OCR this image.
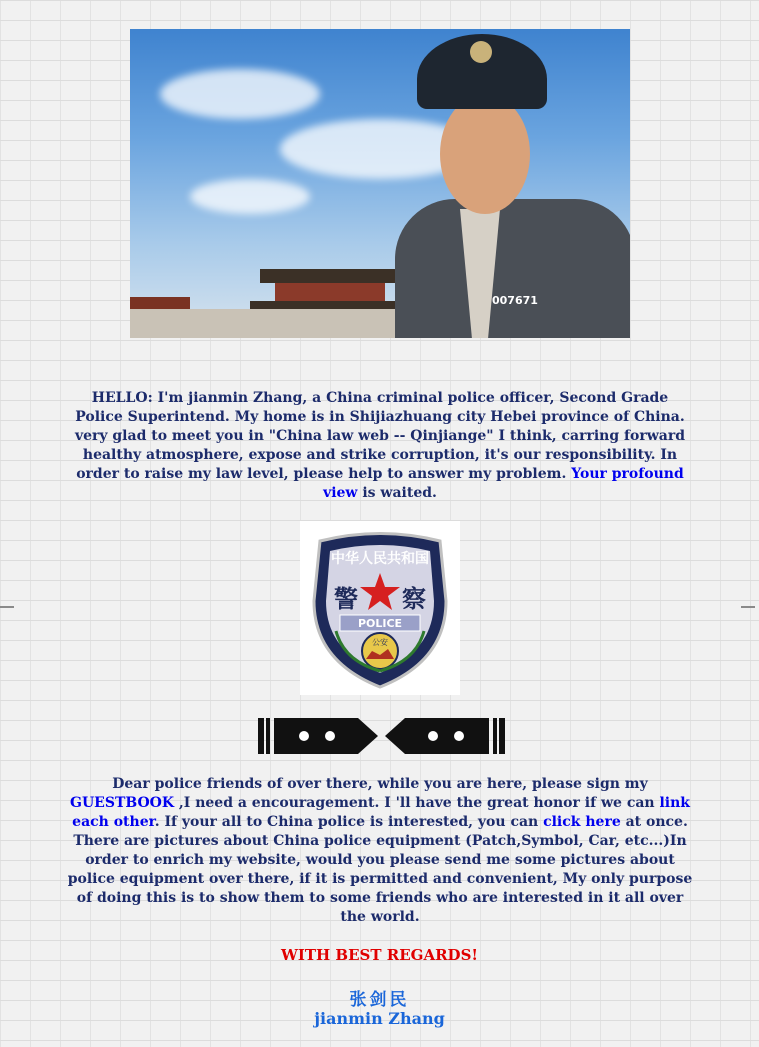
007671
HELLO: I'm jianmin Zhang, a China criminal police officer, Second Grade Police Superintend. My home is in Shijiazhuang city Hebei province of China. very glad to meet you in "China law web -- Qinjiange" I think, carring forward healthy atmosphere, expose and strike corruption, it's our responsibility. In order to raise my law level, please help to answer my problem. Your profound view is waited.
中华人民共和国
警 察
POLICE
公安
Dear police friends of over there, while you are here, please sign my GUESTBOOK ,I need a encouragement. I 'll have the great honor if we can link each other. If your all to China police is interested, you can click here at once. There are pictures about China police equipment (Patch,Symbol, Car, etc...)In order to enrich my website, would you please send me some pictures about police equipment over there, if it is permitted and convenient, My only purpose of doing this is to show them to some friends who are interested in it all over the world.
WITH BEST REGARDS!
张剑民
jianmin Zhang
